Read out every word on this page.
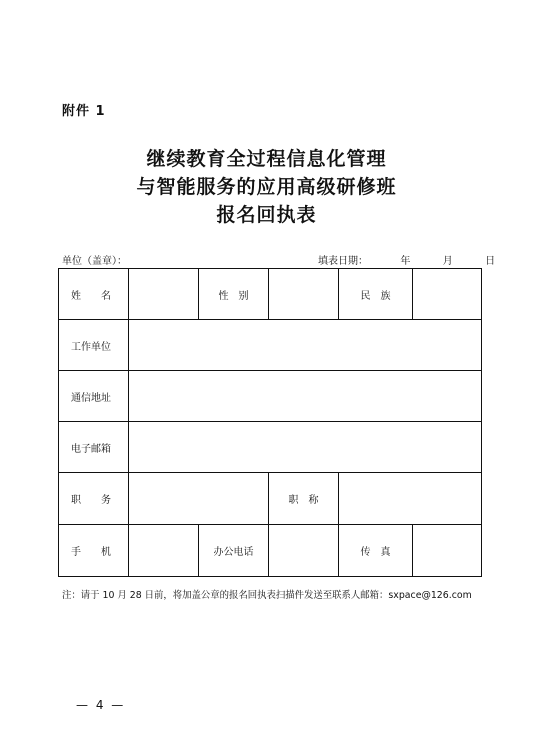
附件 1
继续教育全过程信息化管理
与智能服务的应用高级研修班
报名回执表
单位（盖章）：	填表日期：	年	月	日
姓　　名		性　别		民　族	
工作单位					
通信地址					
电子邮箱					
职　　务			职　称		
手　　机		办公电话		传　真	
注：请于 10 月 28 日前，将加盖公章的报名回执表扫描件发送至联系人邮箱：sxpace@126.com
— 4 —
